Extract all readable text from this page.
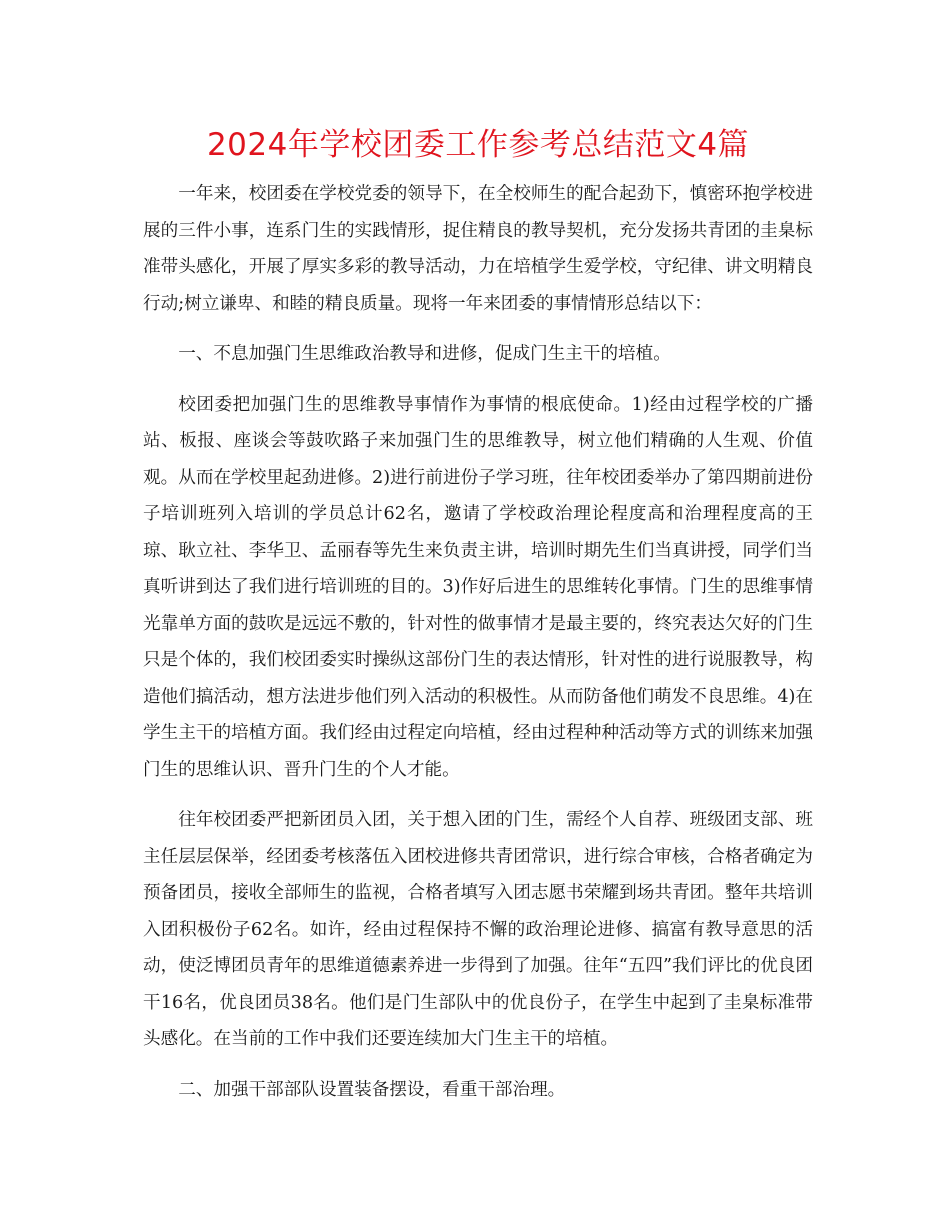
2024年学校团委工作参考总结范文4篇

一年来，校团委在学校党委的领导下，在全校师生的配合起劲下，慎密环抱学校进展的三件小事，连系门生的实践情形，捉住精良的教导契机，充分发扬共青团的圭臬标准带头感化，开展了厚实多彩的教导活动，力在培植学生爱学校，守纪律、讲文明精良行动;树立谦卑、和睦的精良质量。现将一年来团委的事情情形总结以下：

一、不息加强门生思维政治教导和进修，促成门生主干的培植。

校团委把加强门生的思维教导事情作为事情的根底使命。1)经由过程学校的广播站、板报、座谈会等鼓吹路子来加强门生的思维教导，树立他们精确的人生观、价值观。从而在学校里起劲进修。2)进行前进份子学习班，往年校团委举办了第四期前进份子培训班列入培训的学员总计62名，邀请了学校政治理论程度高和治理程度高的王琼、耿立社、李华卫、孟丽春等先生来负责主讲，培训时期先生们当真讲授，同学们当真听讲到达了我们进行培训班的目的。3)作好后进生的思维转化事情。门生的思维事情光靠单方面的鼓吹是远远不敷的，针对性的做事情才是最主要的，终究表达欠好的门生只是个体的，我们校团委实时操纵这部份门生的表达情形，针对性的进行说服教导，构造他们搞活动，想方法进步他们列入活动的积极性。从而防备他们萌发不良思维。4)在学生主干的培植方面。我们经由过程定向培植，经由过程种种活动等方式的训练来加强门生的思维认识、晋升门生的个人才能。

往年校团委严把新团员入团，关于想入团的门生，需经个人自荐、班级团支部、班主任层层保举，经团委考核落伍入团校进修共青团常识，进行综合审核，合格者确定为预备团员，接收全部师生的监视，合格者填写入团志愿书荣耀到场共青团。整年共培训入团积极份子62名。如许，经由过程保持不懈的政治理论进修、搞富有教导意思的活动，使泛博团员青年的思维道德素养进一步得到了加强。往年“五四”我们评比的优良团干16名，优良团员38名。他们是门生部队中的优良份子，在学生中起到了圭臬标准带头感化。在当前的工作中我们还要连续加大门生主干的培植。

二、加强干部部队设置装备摆设，看重干部治理。
